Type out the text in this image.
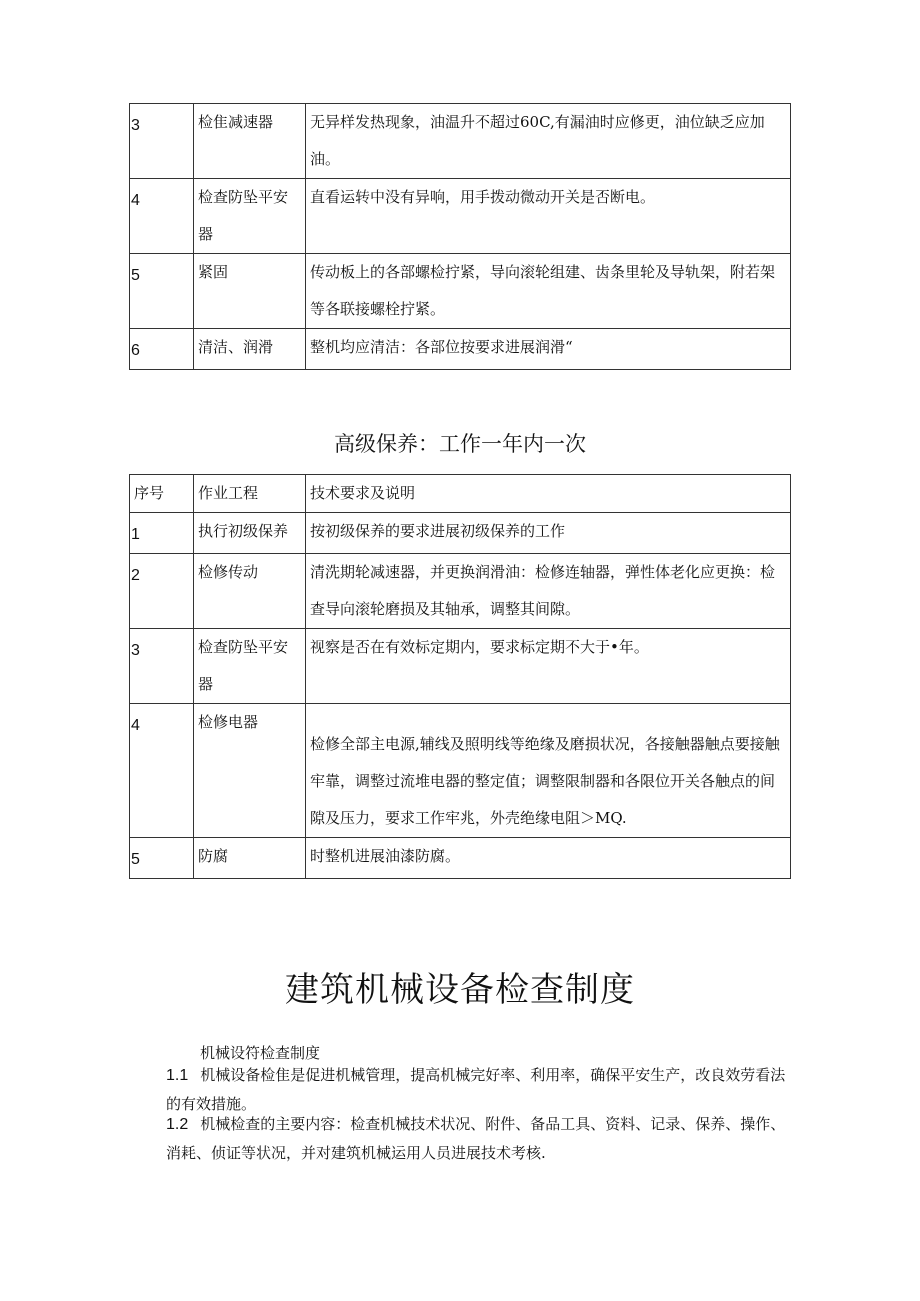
3	检隹减速器	无异样发热现象，油温升不超过60C,有漏油时应修更，油位缺乏应加油。
4	检查防坠平安器	直看运转中没有异响，用手拨动微动开关是否断电。
5	紧固	传动板上的各部螺检拧紧，导向滚轮组建、齿条里轮及导轨架，附若架等各联接螺栓拧紧。
6	清洁、润滑	整机均应清洁：各部位按要求进展润滑“
高级保养：工作一年内一次
序号	作业工程	技术要求及说明
1	执行初级保养	按初级保养的要求进展初级保养的工作
2	检修传动	清洗期轮减速器，并更换润滑油：检修连轴器，弹性体老化应更换：检查导向滚轮磨损及其轴承，调整其间隙。
3	检查防坠平安器	视察是否在有效标定期内，要求标定期不大于•年。
4	检修电器	检修全部主电源,辅线及照明线等绝缘及磨损状况，各接触器触点要接触牢靠，调整过流堆电器的整定值；调整限制器和各限位开关各触点的间隙及压力，要求工作牢兆，外壳绝缘电阻＞MQ.
5	防腐	时整机进展油漆防腐。
建筑机械设备检查制度
机械设符检查制度
1.1 机械设备检隹是促进机械管理，提高机械完好率、利用率，确保平安生产，改良效劳看法的有效措施。
1.2 机械检查的主要内容：检查机械技术状况、附件、备品工具、资料、记录、保养、操作、消耗、侦证等状况，并对建筑机械运用人员进展技术考核.
